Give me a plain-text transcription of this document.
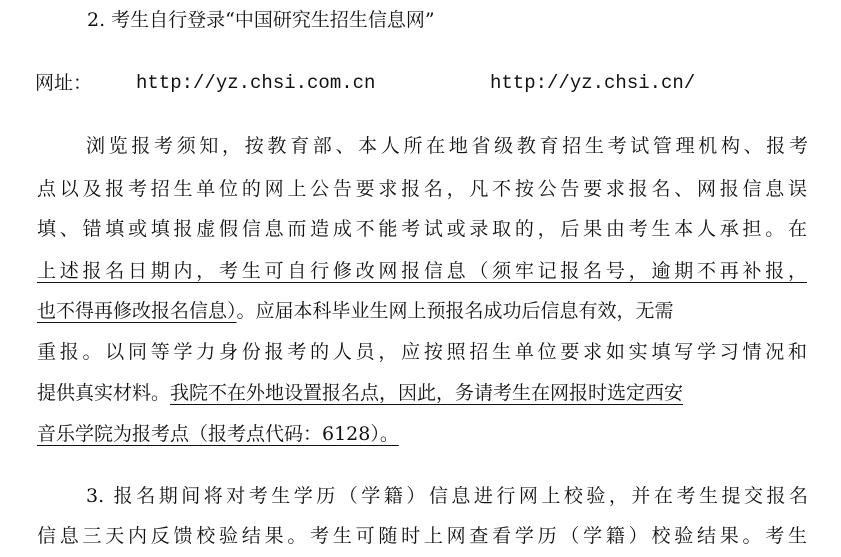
2. 考生自行登录“中国研究生招生信息网”
网址： http://yz.chsi.com.cn	http://yz.chsi.cn/
浏览报考须知，按教育部、本人所在地省级教育招生考试管理机构、报考
点以及报考招生单位的网上公告要求报名，凡不按公告要求报名、网报信息误
填、错填或填报虚假信息而造成不能考试或录取的，后果由考生本人承担。在
上述报名日期内，考生可自行修改网报信息（须牢记报名号，逾期不再补报，
也不得再修改报名信息）。应届本科毕业生网上预报名成功后信息有效，无需
重报。以同等学力身份报考的人员，应按照招生单位要求如实填写学习情况和
提供真实材料。我院不在外地设置报名点，因此，务请考生在网报时选定西安
音乐学院为报考点（报考点代码：6128）。
3. 报名期间将对考生学历（学籍）信息进行网上校验，并在考生提交报名
信息三天内反馈校验结果。考生可随时上网查看学历（学籍）校验结果。考生
